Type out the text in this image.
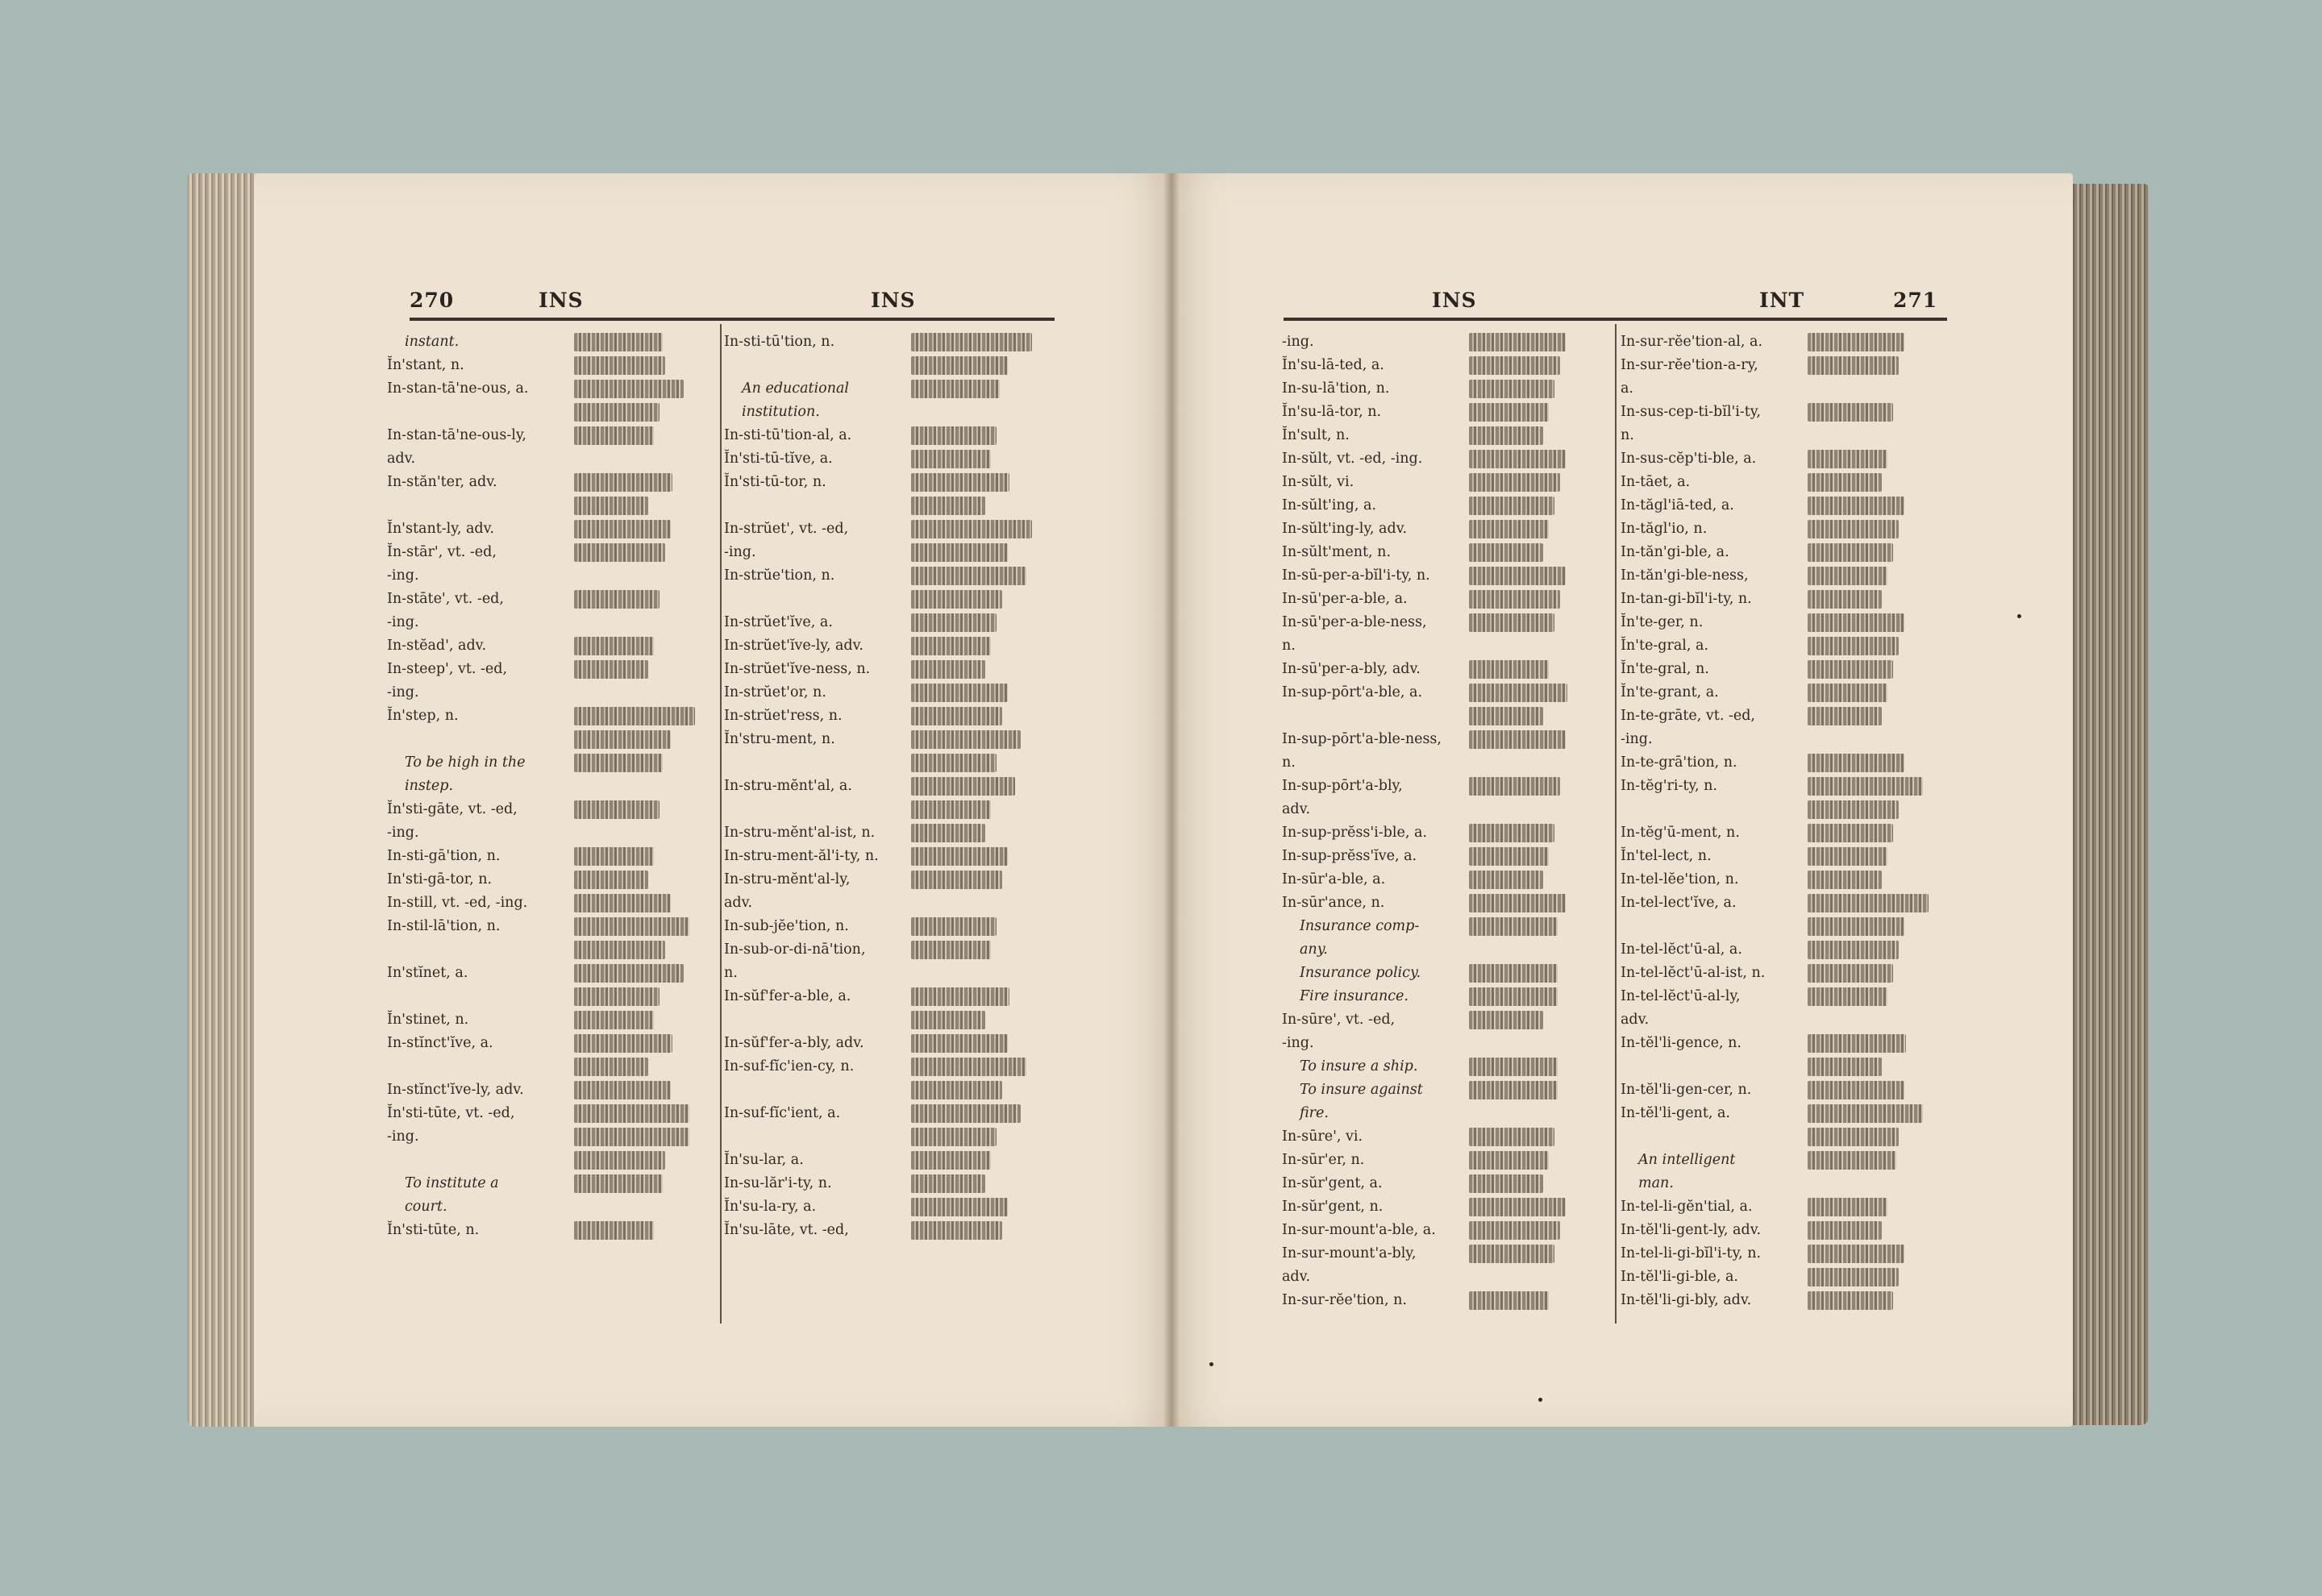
270	INS	INS	INS	INT	271
instant.
Ĭn'stant, n.
In-stan-tā'ne-ous, a.
In-stan-tā'ne-ous-ly,
adv.
In-stăn'ter, adv.
Ĭn'stant-ly, adv.
Ĭn-stār', vt. -ed,
-ing.
In-stāte', vt. -ed,
-ing.
In-stĕad', adv.
In-steep', vt. -ed,
-ing.
Ĭn'step, n.
To be high in the
instep.
Ĭn'sti-gāte, vt. -ed,
-ing.
In-sti-gā'tion, n.
In'sti-gā-tor, n.
In-still, vt. -ed, -ing.
In-stil-lā'tion, n.
In'stĭnet, a.
Ĭn'stinet, n.
In-stĭnct'ĭve, a.
In-stĭnct'ĭve-ly, adv.
Ĭn'sti-tūte, vt. -ed,
-ing.
To institute a
court.
Ĭn'sti-tūte, n.
In-sti-tū'tion, n.
An educational
institution.
In-sti-tū'tion-al, a.
Ĭn'sti-tū-tĭve, a.
Ĭn'sti-tū-tor, n.
In-strŭet', vt. -ed,
-ing.
In-strŭe'tion, n.
In-strŭet'ĭve, a.
In-strŭet'ĭve-ly, adv.
In-strŭet'ĭve-ness, n.
In-strŭet'or, n.
In-strŭet'ress, n.
Ĭn'stru-ment, n.
In-stru-mĕnt'al, a.
In-stru-mĕnt'al-ist, n.
In-stru-ment-ăl'i-ty, n.
In-stru-mĕnt'al-ly,
adv.
In-sub-jĕe'tion, n.
In-sub-or-di-nā'tion,
n.
In-sŭf'fer-a-ble, a.
In-sŭf'fer-a-bly, adv.
In-suf-fĭc'ien-cy, n.
In-suf-fĭc'ient, a.
Ĭn'su-lar, a.
In-su-lăr'i-ty, n.
Ĭn'su-la-ry, a.
Ĭn'su-lāte, vt. -ed,
-ing.
Ĭn'su-lā-ted, a.
In-su-lā'tion, n.
Ĭn'su-lā-tor, n.
Ĭn'sult, n.
In-sŭlt, vt. -ed, -ing.
In-sŭlt, vi.
In-sŭlt'ing, a.
In-sŭlt'ing-ly, adv.
In-sŭlt'ment, n.
In-sū-per-a-bĭl'i-ty, n.
In-sū'per-a-ble, a.
In-sū'per-a-ble-ness,
n.
In-sū'per-a-bly, adv.
In-sup-pōrt'a-ble, a.
In-sup-pōrt'a-ble-ness,
n.
In-sup-pōrt'a-bly,
adv.
In-sup-prĕss'i-ble, a.
In-sup-prĕss'ĭve, a.
In-sūr'a-ble, a.
In-sūr'ance, n.
Insurance comp-
any.
Insurance policy.
Fire insurance.
In-sūre', vt. -ed,
-ing.
To insure a ship.
To insure against
fire.
In-sūre', vi.
In-sūr'er, n.
In-sŭr'gent, a.
In-sŭr'gent, n.
In-sur-mount'a-ble, a.
In-sur-mount'a-bly,
adv.
In-sur-rĕe'tion, n.
In-sur-rĕe'tion-al, a.
In-sur-rĕe'tion-a-ry,
a.
In-sus-cep-ti-bĭl'i-ty,
n.
In-sus-cĕp'ti-ble, a.
In-tāet, a.
In-tăgl'iā-ted, a.
In-tăgl'io, n.
In-tăn'gi-ble, a.
In-tăn'gi-ble-ness,
In-tan-gi-bĭl'i-ty, n.
Ĭn'te-ger, n.
Ĭn'te-gral, a.
Ĭn'te-gral, n.
Ĭn'te-grant, a.
In-te-grāte, vt. -ed,
-ing.
In-te-grā'tion, n.
In-tĕg'ri-ty, n.
In-tĕg'ū-ment, n.
Ĭn'tel-lect, n.
In-tel-lĕe'tion, n.
In-tel-lect'ĭve, a.
In-tel-lĕct'ū-al, a.
In-tel-lĕct'ū-al-ist, n.
In-tel-lĕct'ū-al-ly,
adv.
In-tĕl'li-gence, n.
In-tĕl'li-gen-cer, n.
In-tĕl'li-gent, a.
An intelligent
man.
In-tel-li-gĕn'tial, a.
In-tĕl'li-gent-ly, adv.
In-tel-li-gi-bĭl'i-ty, n.
In-tĕl'li-gi-ble, a.
In-tĕl'li-gi-bly, adv.
